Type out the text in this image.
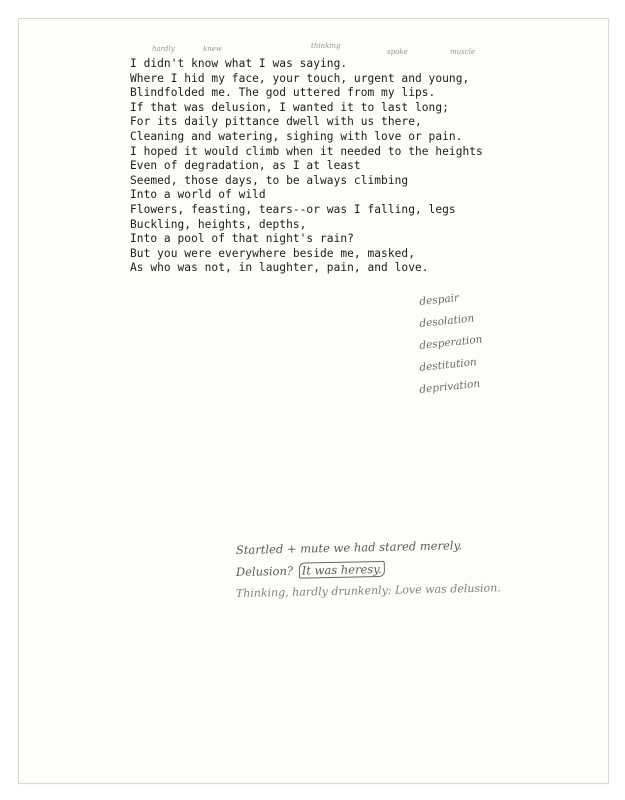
I didn't know what I was saying.
Where I hid my face, your touch, urgent and young,
Blindfolded me. The god uttered from my lips.
If that was delusion, I wanted it to last long;
For its daily pittance dwell with us there,
Cleaning and watering, sighing with love or pain.
I hoped it would climb when it needed to the heights
Even of degradation, as I at least
Seemed, those days, to be always climbing
Into a world of wild
Flowers, feasting, tears--or was I falling, legs
Buckling, heights, depths,
Into a pool of that night's rain?
But you were everywhere beside me, masked,
As who was not, in laughter, pain, and love.
hardly	knew	thinking
spoke	muscle
despair
desolation
desperation
destitution
deprivation
Startled + mute we had stared merely.
Delusion? It was heresy.
Thinking, hardly drunkenly: Love was delusion.
